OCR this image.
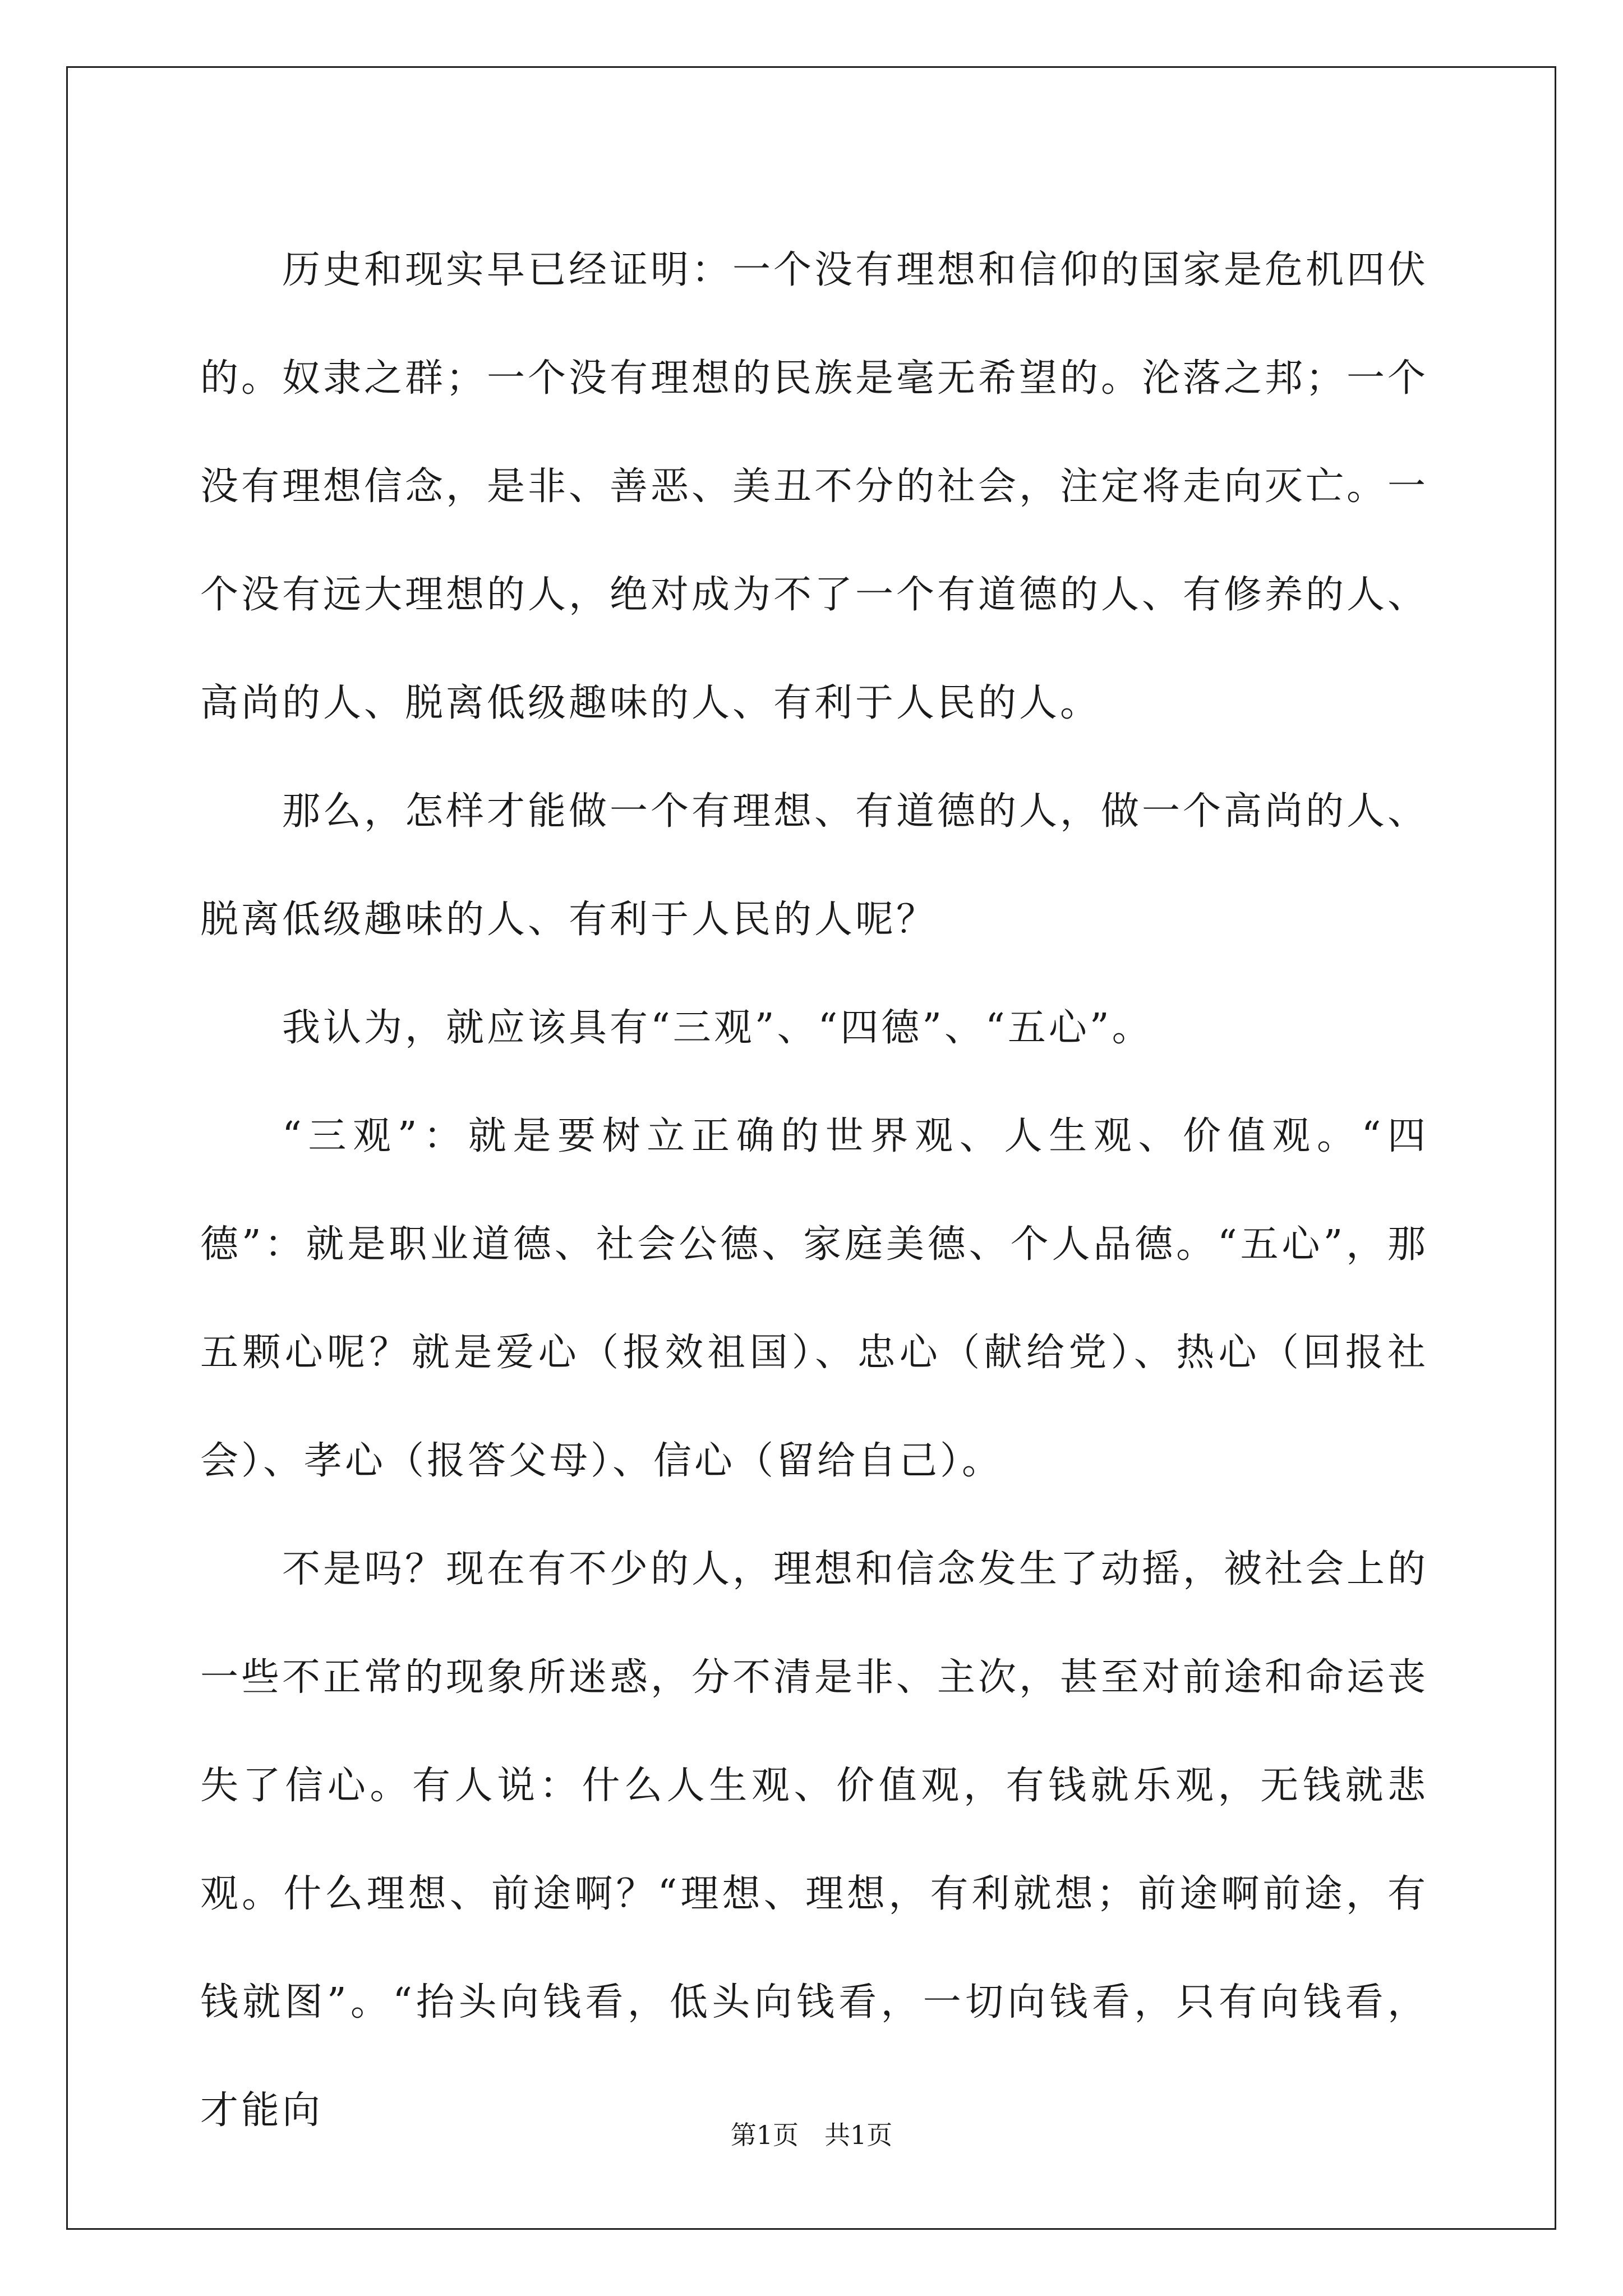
历史和现实早已经证明：一个没有理想和信仰的国家是危机四伏的。奴隶之群；一个没有理想的民族是毫无希望的。沦落之邦；一个没有理想信念，是非、善恶、美丑不分的社会，注定将走向灭亡。一个没有远大理想的人，绝对成为不了一个有道德的人、有修养的人、高尚的人、脱离低级趣味的人、有利于人民的人。

那么，怎样才能做一个有理想、有道德的人，做一个高尚的人、脱离低级趣味的人、有利于人民的人呢？

我认为，就应该具有“三观”、“四德”、“五心”。

“三观”：就是要树立正确的世界观、人生观、价值观。“四德”：就是职业道德、社会公德、家庭美德、个人品德。“五心”，那五颗心呢？就是爱心（报效祖国）、忠心（献给党）、热心（回报社会）、孝心（报答父母）、信心（留给自己）。

不是吗？现在有不少的人，理想和信念发生了动摇，被社会上的一些不正常的现象所迷惑，分不清是非、主次，甚至对前途和命运丧失了信心。有人说：什么人生观、价值观，有钱就乐观，无钱就悲观。什么理想、前途啊？“理想、理想，有利就想；前途啊前途，有钱就图”。“抬头向钱看，低头向钱看，一切向钱看，只有向钱看，才能向

第1页　共1页
